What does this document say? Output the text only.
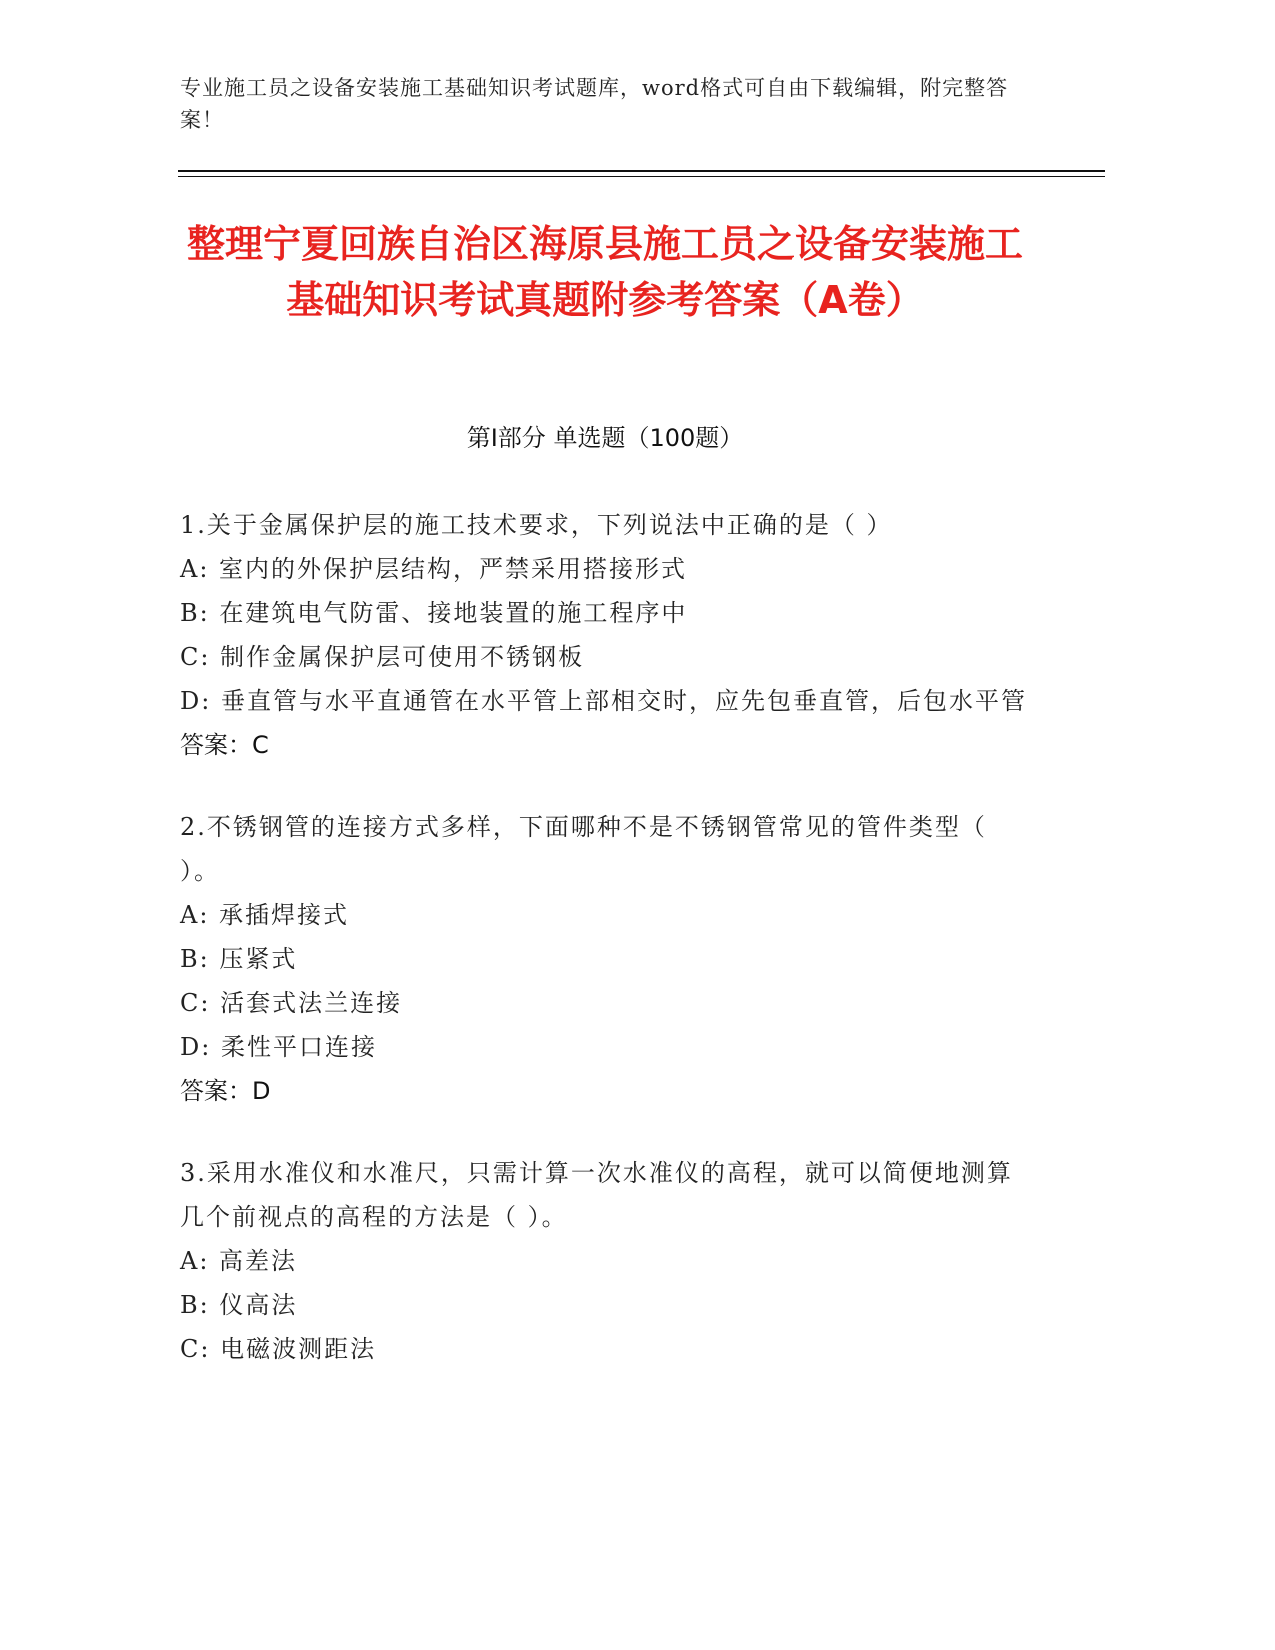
专业施工员之设备安装施工基础知识考试题库，word格式可自由下载编辑，附完整答案！
整理宁夏回族自治区海原县施工员之设备安装施工基础知识考试真题附参考答案（A卷）
第Ⅰ部分 单选题（100题）
1.关于金属保护层的施工技术要求，下列说法中正确的是（ ）
A: 室内的外保护层结构，严禁采用搭接形式
B: 在建筑电气防雷、接地装置的施工程序中
C: 制作金属保护层可使用不锈钢板
D: 垂直管与水平直通管在水平管上部相交时，应先包垂直管，后包水平管
答案：C
2.不锈钢管的连接方式多样，下面哪种不是不锈钢管常见的管件类型（ ）。
A: 承插焊接式
B: 压紧式
C: 活套式法兰连接
D: 柔性平口连接
答案：D
3.采用水准仪和水准尺，只需计算一次水准仪的高程，就可以简便地测算几个前视点的高程的方法是（ ）。
A: 高差法
B: 仪高法
C: 电磁波测距法
